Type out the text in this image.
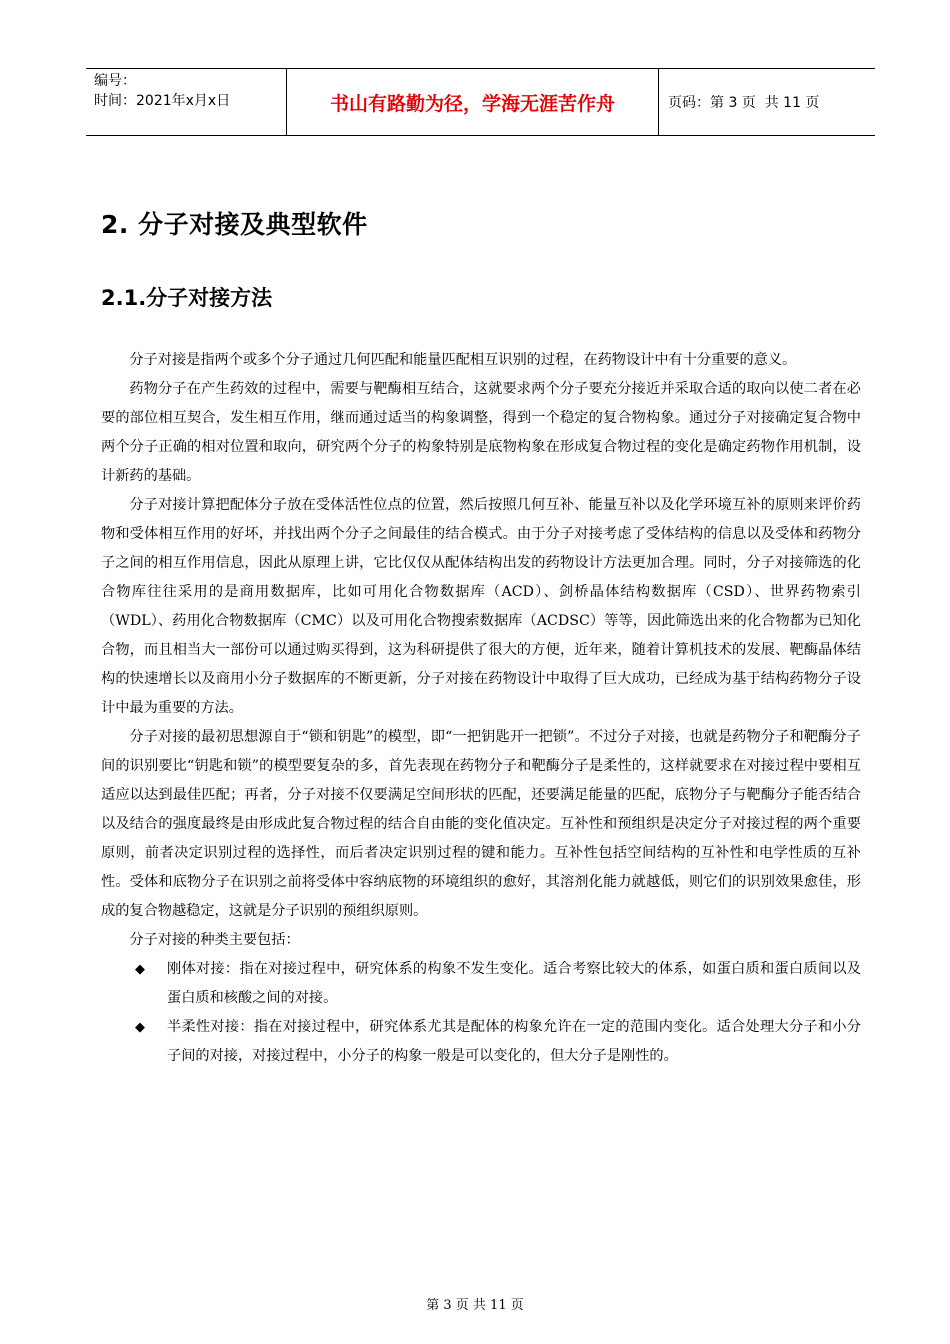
编号：
时间：2021年x月x日	书山有路勤为径，学海无涯苦作舟	页码：第 3 页  共 11 页
2. 分子对接及典型软件
2.1.分子对接方法

分子对接是指两个或多个分子通过几何匹配和能量匹配相互识别的过程，在药物设计中有十分重要的意义。

药物分子在产生药效的过程中，需要与靶酶相互结合，这就要求两个分子要充分接近并采取合适的取向以使二者在必要的部位相互契合，发生相互作用，继而通过适当的构象调整，得到一个稳定的复合物构象。通过分子对接确定复合物中两个分子正确的相对位置和取向，研究两个分子的构象特别是底物构象在形成复合物过程的变化是确定药物作用机制，设计新药的基础。

分子对接计算把配体分子放在受体活性位点的位置，然后按照几何互补、能量互补以及化学环境互补的原则来评价药物和受体相互作用的好坏，并找出两个分子之间最佳的结合模式。由于分子对接考虑了受体结构的信息以及受体和药物分子之间的相互作用信息，因此从原理上讲，它比仅仅从配体结构出发的药物设计方法更加合理。同时，分子对接筛选的化合物库往往采用的是商用数据库，比如可用化合物数据库（ACD）、剑桥晶体结构数据库（CSD）、世界药物索引（WDL）、药用化合物数据库（CMC）以及可用化合物搜索数据库（ACDSC）等等，因此筛选出来的化合物都为已知化合物，而且相当大一部份可以通过购买得到，这为科研提供了很大的方便，近年来，随着计算机技术的发展、靶酶晶体结构的快速增长以及商用小分子数据库的不断更新，分子对接在药物设计中取得了巨大成功，已经成为基于结构药物分子设计中最为重要的方法。

分子对接的最初思想源自于“锁和钥匙”的模型，即“一把钥匙开一把锁”。不过分子对接，也就是药物分子和靶酶分子间的识别要比“钥匙和锁”的模型要复杂的多，首先表现在药物分子和靶酶分子是柔性的，这样就要求在对接过程中要相互适应以达到最佳匹配；再者，分子对接不仅要满足空间形状的匹配，还要满足能量的匹配，底物分子与靶酶分子能否结合以及结合的强度最终是由形成此复合物过程的结合自由能的变化值决定。互补性和预组织是决定分子对接过程的两个重要原则，前者决定识别过程的选择性，而后者决定识别过程的键和能力。互补性包括空间结构的互补性和电学性质的互补性。受体和底物分子在识别之前将受体中容纳底物的环境组织的愈好，其溶剂化能力就越低，则它们的识别效果愈佳，形成的复合物越稳定，这就是分子识别的预组织原则。

分子对接的种类主要包括：

◆ 刚体对接：指在对接过程中，研究体系的构象不发生变化。适合考察比较大的体系，如蛋白质和蛋白质间以及蛋白质和核酸之间的对接。
◆ 半柔性对接：指在对接过程中，研究体系尤其是配体的构象允许在一定的范围内变化。适合处理大分子和小分子间的对接，对接过程中，小分子的构象一般是可以变化的，但大分子是刚性的。
第 3 页 共 11 页
